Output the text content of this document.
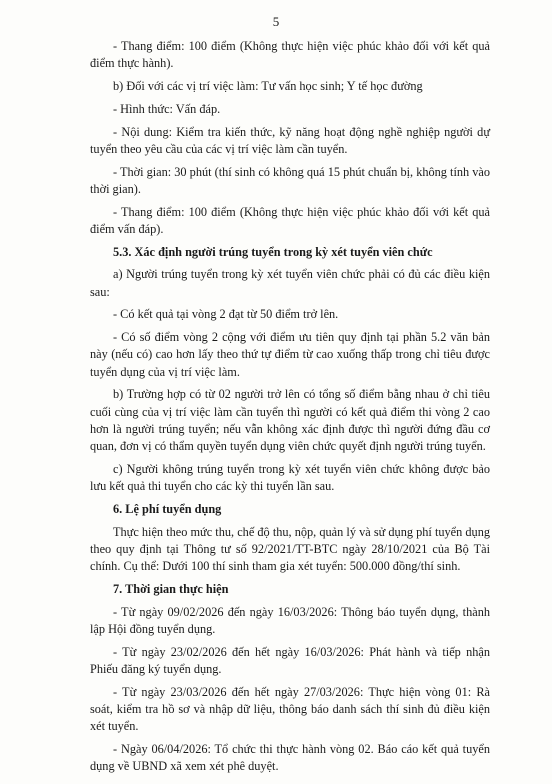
5

- Thang điểm: 100 điểm (Không thực hiện việc phúc khảo đối với kết quả điểm thực hành).

b) Đối với các vị trí việc làm: Tư vấn học sinh; Y tế học đường

- Hình thức: Vấn đáp.

- Nội dung: Kiểm tra kiến thức, kỹ năng hoạt động nghề nghiệp người dự tuyển theo yêu cầu của các vị trí việc làm cần tuyển.

- Thời gian: 30 phút (thí sinh có không quá 15 phút chuẩn bị, không tính vào thời gian).

- Thang điểm: 100 điểm (Không thực hiện việc phúc khảo đối với kết quả điểm vấn đáp).

5.3. Xác định người trúng tuyển trong kỳ xét tuyển viên chức

a) Người trúng tuyển trong kỳ xét tuyển viên chức phải có đủ các điều kiện sau:

- Có kết quả tại vòng 2 đạt từ 50 điểm trở lên.

- Có số điểm vòng 2 cộng với điểm ưu tiên quy định tại phần 5.2 văn bản này (nếu có) cao hơn lấy theo thứ tự điểm từ cao xuống thấp trong chỉ tiêu được tuyển dụng của vị trí việc làm.

b) Trường hợp có từ 02 người trở lên có tổng số điểm bằng nhau ở chỉ tiêu cuối cùng của vị trí việc làm cần tuyển thì người có kết quả điểm thi vòng 2 cao hơn là người trúng tuyển; nếu vẫn không xác định được thì người đứng đầu cơ quan, đơn vị có thẩm quyền tuyển dụng viên chức quyết định người trúng tuyển.

c) Người không trúng tuyển trong kỳ xét tuyển viên chức không được bảo lưu kết quả thi tuyển cho các kỳ thi tuyển lần sau.

6. Lệ phí tuyển dụng

Thực hiện theo mức thu, chế độ thu, nộp, quản lý và sử dụng phí tuyển dụng theo quy định tại Thông tư số 92/2021/TT-BTC ngày 28/10/2021 của Bộ Tài chính. Cụ thể: Dưới 100 thí sinh tham gia xét tuyển: 500.000 đồng/thí sinh.

7. Thời gian thực hiện

- Từ ngày 09/02/2026 đến ngày 16/03/2026: Thông báo tuyển dụng, thành lập Hội đồng tuyển dụng.

- Từ ngày 23/02/2026 đến hết ngày 16/03/2026: Phát hành và tiếp nhận Phiếu đăng ký tuyển dụng.

- Từ ngày 23/03/2026 đến hết ngày 27/03/2026: Thực hiện vòng 01: Rà soát, kiểm tra hồ sơ và nhập dữ liệu, thông báo danh sách thí sinh đủ điều kiện xét tuyển.

- Ngày 06/04/2026: Tổ chức thi thực hành vòng 02. Báo cáo kết quả tuyển dụng về UBND xã xem xét phê duyệt.
